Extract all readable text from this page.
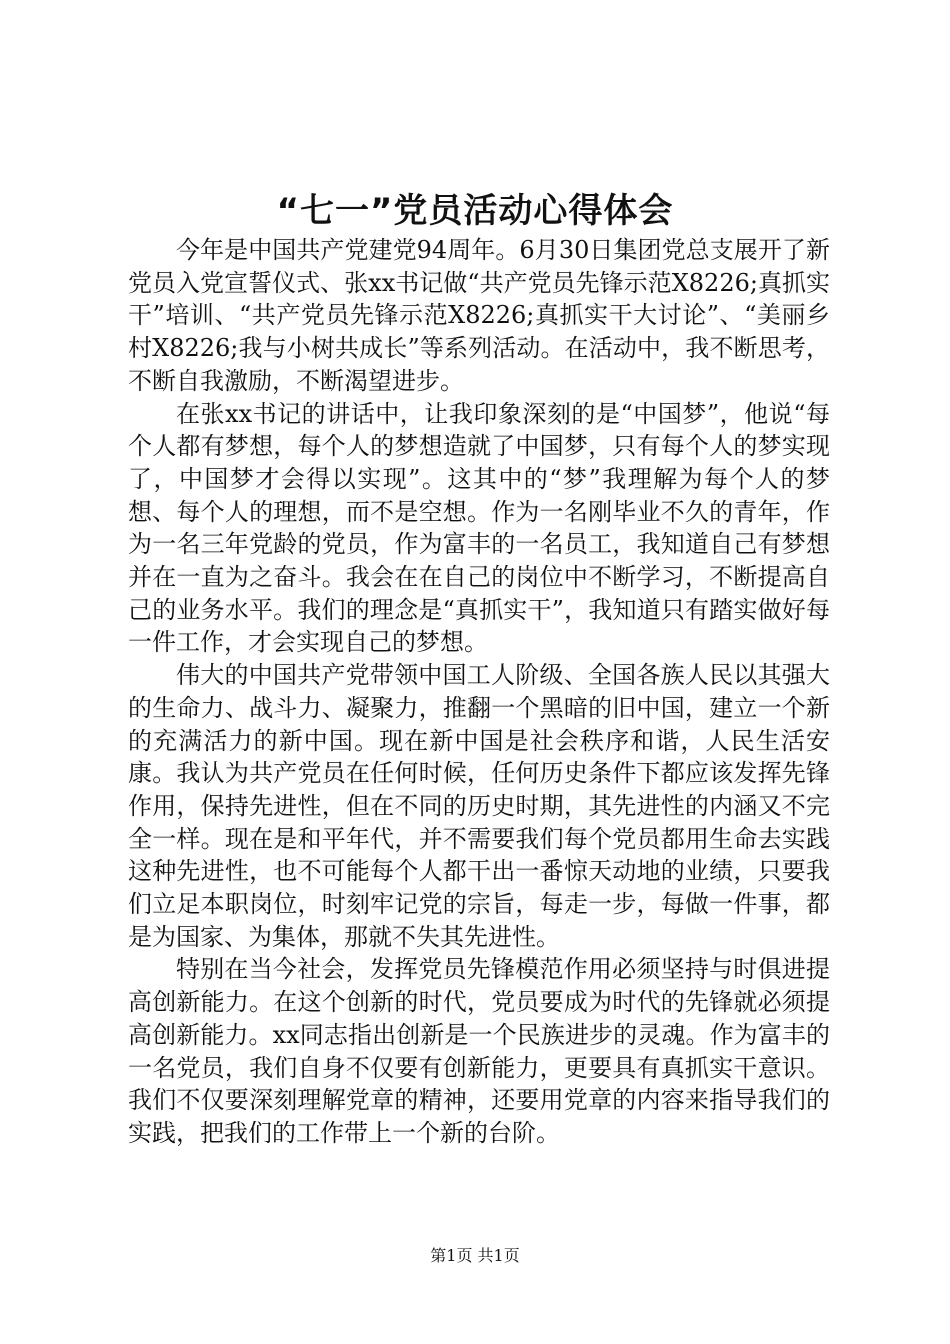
“七一”党员活动心得体会

今年是中国共产党建党94周年。6月30日集团党总支展开了新党员入党宣誓仪式、张xx书记做“共产党员先锋示范X8226;真抓实干”培训、“共产党员先锋示范X8226;真抓实干大讨论”、“美丽乡村X8226;我与小树共成长”等系列活动。在活动中，我不断思考，不断自我激励，不断渴望进步。

在张xx书记的讲话中，让我印象深刻的是“中国梦”，他说“每个人都有梦想，每个人的梦想造就了中国梦，只有每个人的梦实现了，中国梦才会得以实现”。这其中的“梦”我理解为每个人的梦想、每个人的理想，而不是空想。作为一名刚毕业不久的青年，作为一名三年党龄的党员，作为富丰的一名员工，我知道自己有梦想并在一直为之奋斗。我会在在自己的岗位中不断学习，不断提高自己的业务水平。我们的理念是“真抓实干”，我知道只有踏实做好每一件工作，才会实现自己的梦想。

伟大的中国共产党带领中国工人阶级、全国各族人民以其强大的生命力、战斗力、凝聚力，推翻一个黑暗的旧中国，建立一个新的充满活力的新中国。现在新中国是社会秩序和谐，人民生活安康。我认为共产党员在任何时候，任何历史条件下都应该发挥先锋作用，保持先进性，但在不同的历史时期，其先进性的内涵又不完全一样。现在是和平年代，并不需要我们每个党员都用生命去实践这种先进性，也不可能每个人都干出一番惊天动地的业绩，只要我们立足本职岗位，时刻牢记党的宗旨，每走一步，每做一件事，都是为国家、为集体，那就不失其先进性。

特别在当今社会，发挥党员先锋模范作用必须坚持与时俱进提高创新能力。在这个创新的时代，党员要成为时代的先锋就必须提高创新能力。xx同志指出创新是一个民族进步的灵魂。作为富丰的一名党员，我们自身不仅要有创新能力，更要具有真抓实干意识。我们不仅要深刻理解党章的精神，还要用党章的内容来指导我们的实践，把我们的工作带上一个新的台阶。

第1页 共1页
